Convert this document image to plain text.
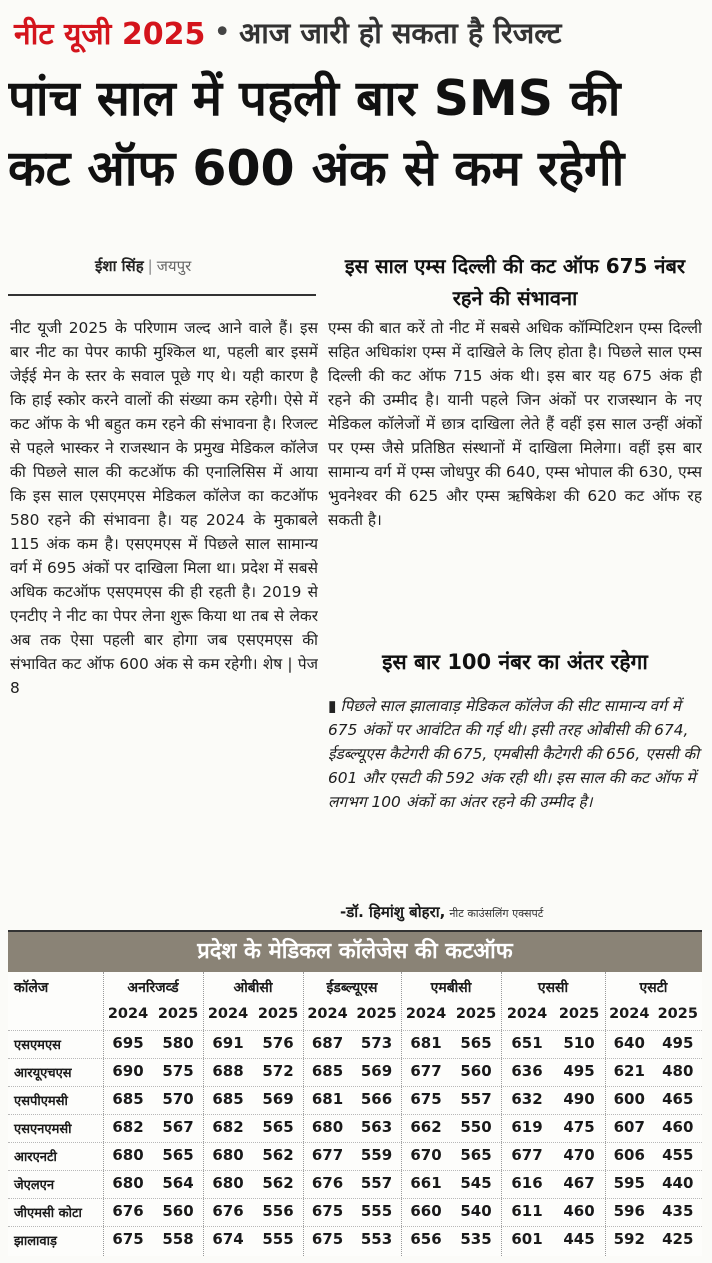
नीट यूजी 2025 • आज जारी हो सकता है रिजल्ट
पांच साल में पहली बार SMS की
कट ऑफ 600 अंक से कम रहेगी
ईशा सिंह | जयपुर
नीट यूजी 2025 के परिणाम जल्द आने वाले हैं। इस बार नीट का पेपर काफी मुश्किल था, पहली बार इसमें जेईई मेन के स्तर के सवाल पूछे गए थे। यही कारण है कि हाई स्कोर करने वालों की संख्या कम रहेगी। ऐसे में कट ऑफ के भी बहुत कम रहने की संभावना है। रिजल्ट से पहले भास्कर ने राजस्थान के प्रमुख मेडिकल कॉलेज की पिछले साल की कटऑफ की एनालिसिस में आया कि इस साल एसएमएस मेडिकल कॉलेज का कटऑफ 580 रहने की संभावना है। यह 2024 के मुकाबले 115 अंक कम है। एसएमएस में पिछले साल सामान्य वर्ग में 695 अंकों पर दाखिला मिला था। प्रदेश में सबसे अधिक कटऑफ एसएमएस की ही रहती है। 2019 से एनटीए ने नीट का पेपर लेना शुरू किया था तब से लेकर अब तक ऐसा पहली बार होगा जब एसएमएस की संभावित कट ऑफ 600 अंक से कम रहेगी। शेष | पेज 8
इस साल एम्स दिल्ली की कट ऑफ 675 नंबर रहने की संभावना
एम्स की बात करें तो नीट में सबसे अधिक कॉम्पिटिशन एम्स दिल्ली सहित अधिकांश एम्स में दाखिले के लिए होता है। पिछले साल एम्स दिल्ली की कट ऑफ 715 अंक थी। इस बार यह 675 अंक ही रहने की उम्मीद है। यानी पहले जिन अंकों पर राजस्थान के नए मेडिकल कॉलेजों में छात्र दाखिला लेते हैं वहीं इस साल उन्हीं अंकों पर एम्स जैसे प्रतिष्ठित संस्थानों में दाखिला मिलेगा। वहीं इस बार सामान्य वर्ग में एम्स जोधपुर की 640, एम्स भोपाल की 630, एम्स भुवनेश्वर की 625 और एम्स ऋषिकेश की 620 कट ऑफ रह सकती है।
इस बार 100 नंबर का अंतर रहेगा
▮ पिछले साल झालावाड़ मेडिकल कॉलेज की सीट सामान्य वर्ग में 675 अंकों पर आवंटित की गई थी। इसी तरह ओबीसी की 674, ईडब्ल्यूएस कैटेगरी की 675, एमबीसी कैटेगरी की 656, एससी की 601 और एसटी की 592 अंक रही थी। इस साल की कट ऑफ में लगभग 100 अंकों का अंतर रहने की उम्मीद है।
-डॉ. हिमांशु बोहरा, नीट काउंसलिंग एक्सपर्ट
प्रदेश के मेडिकल कॉलेजेस की कटऑफ
कॉलेज	अनरिजर्व्ड
2024 2025
ओबीसी
2024 2025
ईडब्ल्यूएस
2024 2025
एमबीसी
2024 2025
एससी
2024 2025
एसटी
2024 2025
एसएमएस	695	580	691	576	687	573	681	565	651	510	640	495
आरयूएचएस	690	575	688	572	685	569	677	560	636	495	621	480
एसपीएमसी	685	570	685	569	681	566	675	557	632	490	600	465
एसएनएमसी	682	567	682	565	680	563	662	550	619	475	607	460
आरएनटी	680	565	680	562	677	559	670	565	677	470	606	455
जेएलएन	680	564	680	562	676	557	661	545	616	467	595	440
जीएमसी कोटा	676	560	676	556	675	555	660	540	611	460	596	435
झालावाड़	675	558	674	555	675	553	656	535	601	445	592	425
